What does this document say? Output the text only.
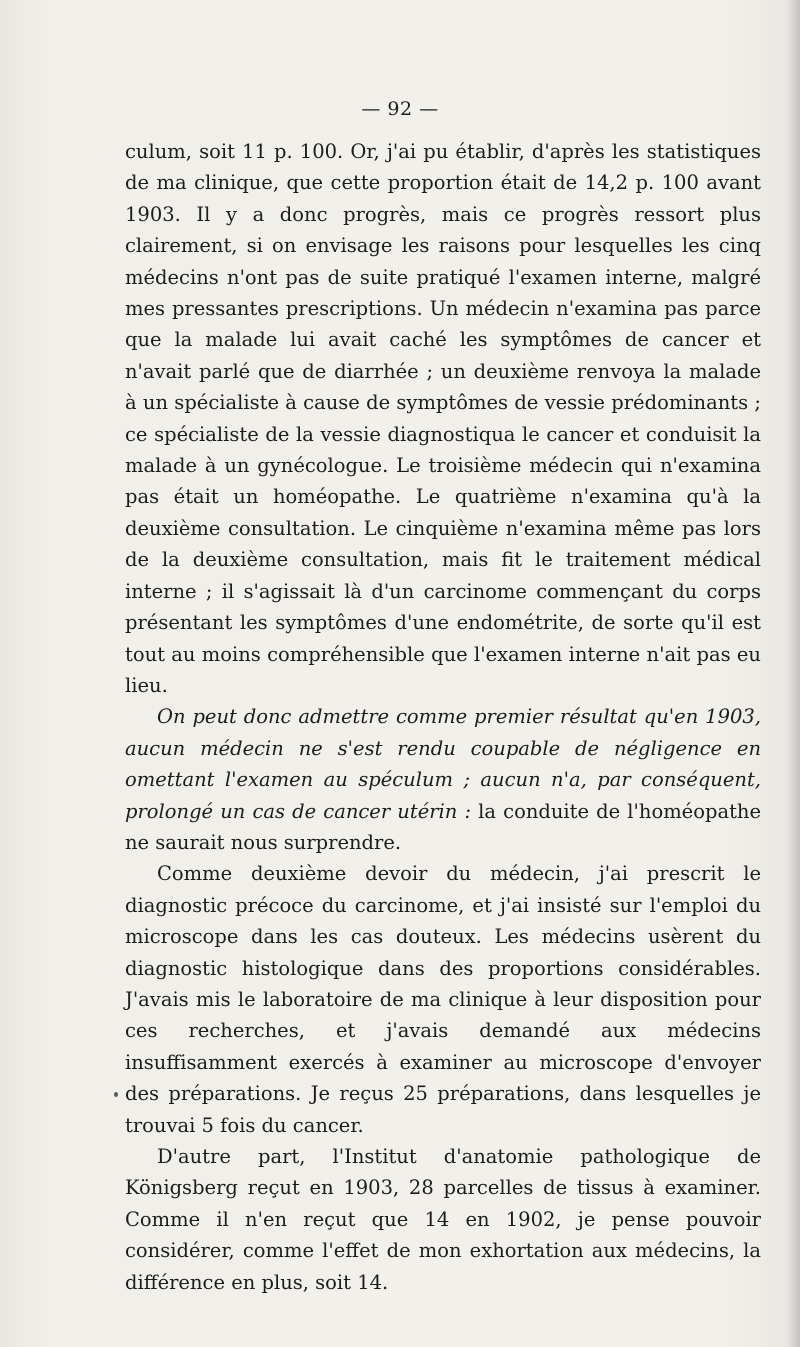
— 92 —

culum, soit 11 p. 100. Or, j'ai pu établir, d'après les statistiques de ma clinique, que cette proportion était de 14,2 p. 100 avant 1903. Il y a donc progrès, mais ce progrès ressort plus clairement, si on envisage les raisons pour lesquelles les cinq médecins n'ont pas de suite pratiqué l'examen interne, malgré mes pressantes prescriptions. Un médecin n'examina pas parce que la malade lui avait caché les symptômes de cancer et n'avait parlé que de diarrhée ; un deuxième renvoya la malade à un spécialiste à cause de symptômes de vessie prédominants ; ce spécialiste de la vessie diagnostiqua le cancer et conduisit la malade à un gynécologue. Le troisième médecin qui n'examina pas était un homéopathe. Le quatrième n'examina qu'à la deuxième consultation. Le cinquième n'examina même pas lors de la deuxième consultation, mais fit le traitement médical interne ; il s'agissait là d'un carcinome commençant du corps présentant les symptômes d'une endométrite, de sorte qu'il est tout au moins compréhensible que l'examen interne n'ait pas eu lieu.

On peut donc admettre comme premier résultat qu'en 1903, aucun médecin ne s'est rendu coupable de négligence en omettant l'examen au spéculum ; aucun n'a, par conséquent, prolongé un cas de cancer utérin : la conduite de l'homéopathe ne saurait nous surprendre.

Comme deuxième devoir du médecin, j'ai prescrit le diagnostic précoce du carcinome, et j'ai insisté sur l'emploi du microscope dans les cas douteux. Les médecins usèrent du diagnostic histologique dans des proportions considérables. J'avais mis le laboratoire de ma clinique à leur disposition pour ces recherches, et j'avais demandé aux médecins insuffisamment exercés à examiner au microscope d'envoyer des préparations. Je reçus 25 préparations, dans lesquelles je trouvai 5 fois du cancer.

D'autre part, l'Institut d'anatomie pathologique de Königsberg reçut en 1903, 28 parcelles de tissus à examiner. Comme il n'en reçut que 14 en 1902, je pense pouvoir considérer, comme l'effet de mon exhortation aux médecins, la différence en plus, soit 14.
